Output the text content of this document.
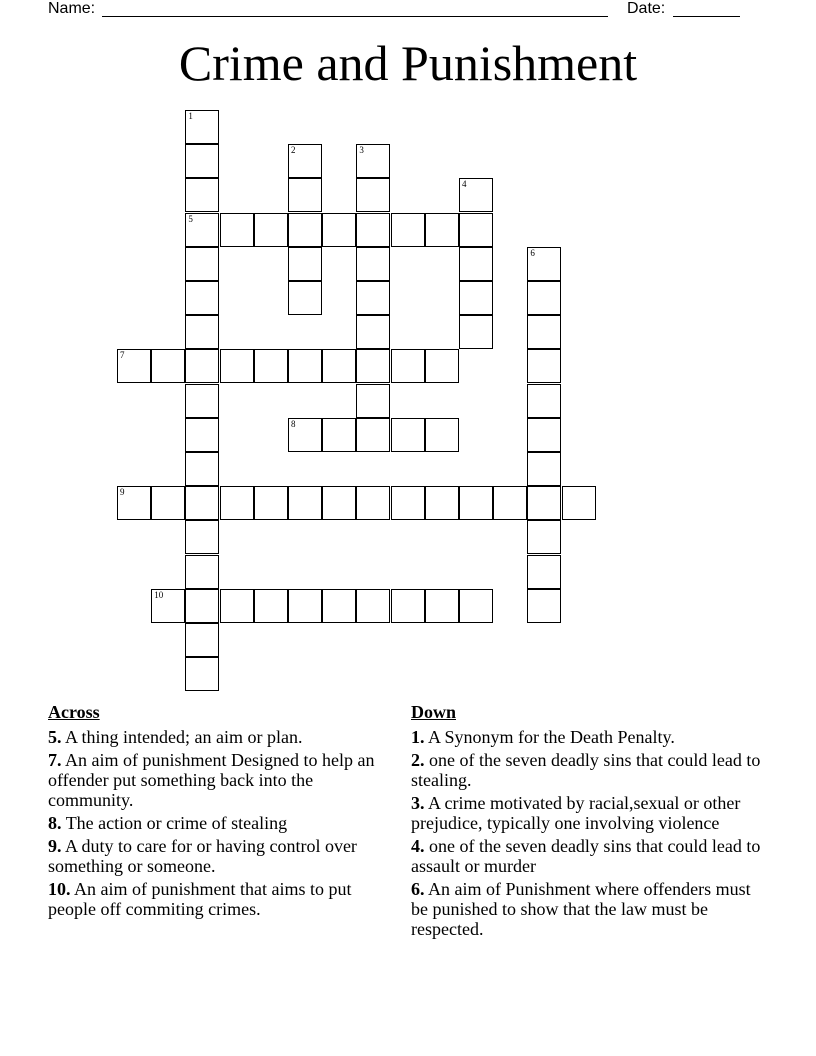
Name:	Date:
Crime and Punishment
1
5
2	3
4
6
7
8
9
10
Across
5. A thing intended; an aim or plan.
7. An aim of punishment Designed to help an offender put something back into the community.
8. The action or crime of stealing
9. A duty to care for or having control over something or someone.
10. An aim of punishment that aims to put people off commiting crimes.
Down
1. A Synonym for the Death Penalty.
2. one of the seven deadly sins that could lead to stealing.
3. A crime motivated by racial,sexual or other prejudice, typically one involving violence
4. one of the seven deadly sins that could lead to assault or murder
6. An aim of Punishment where offenders must be punished to show that the law must be respected.
